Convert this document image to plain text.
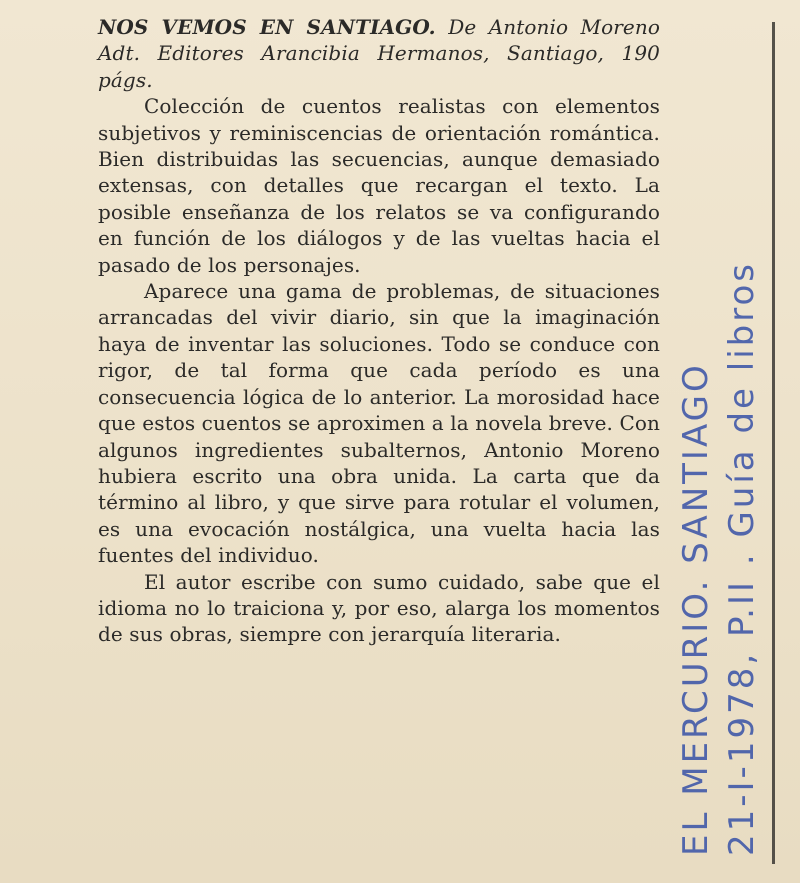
NOS VEMOS EN SANTIAGO. De Antonio Moreno Adt. Editores Arancibia Hermanos, Santiago, 190 págs.

Colección de cuentos realistas con elementos subjetivos y reminiscencias de orientación romántica. Bien distribuidas las secuencias, aunque demasiado extensas, con detalles que recargan el texto. La posible enseñanza de los relatos se va configurando en función de los diálogos y de las vueltas hacia el pasado de los personajes.

Aparece una gama de problemas, de situaciones arrancadas del vivir diario, sin que la imaginación haya de inventar las soluciones. Todo se conduce con rigor, de tal forma que cada período es una consecuencia lógica de lo anterior. La morosidad hace que estos cuentos se aproximen a la novela breve. Con algunos ingredientes subalternos, Antonio Moreno hubiera escrito una obra unida. La carta que da término al libro, y que sirve para rotular el volumen, es una evocación nostálgica, una vuelta hacia las fuentes del individuo.

El autor escribe con sumo cuidado, sabe que el idioma no lo traiciona y, por eso, alarga los momentos de sus obras, siempre con jerarquía literaria.	EL MERCURIO. SANTIAGO 21-I-1978, P.II . Guía de libros
